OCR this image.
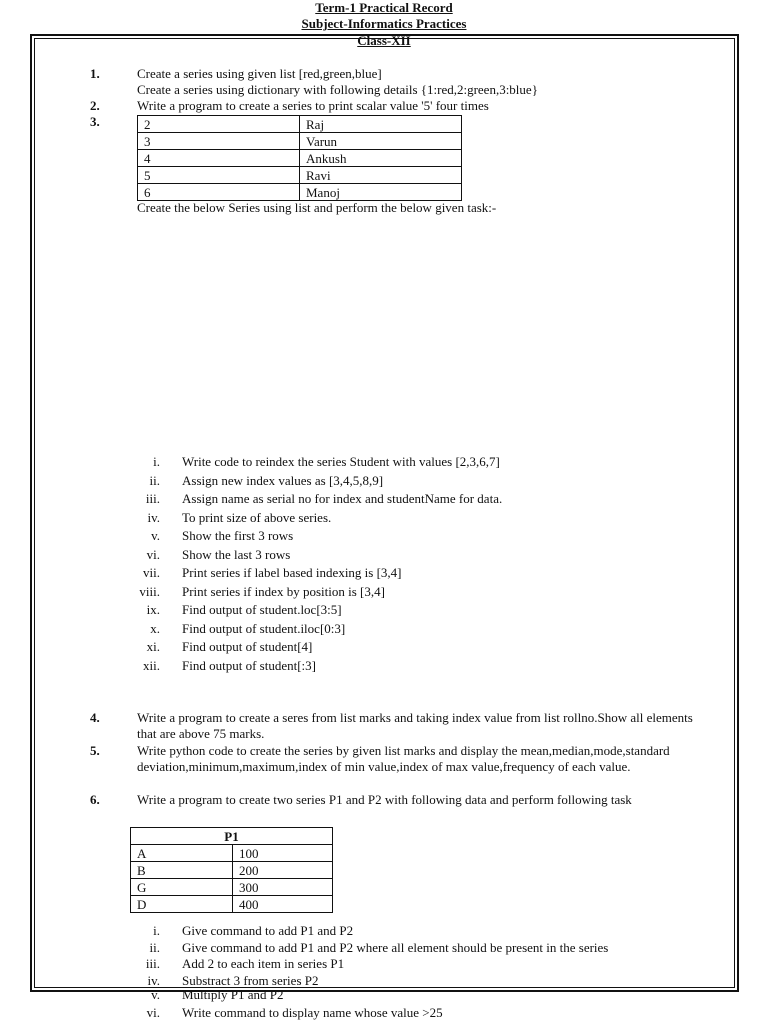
Term-1 Practical Record
Subject-Informatics Practices
Class-XII
1.	Create a series using given list [red,green,blue]
Create a series using dictionary with following details {1:red,2:green,3:blue}
2.	Write a program to create a series to print scalar value '5' four times
3.	2	Raj
3	Varun
4	Ankush
5	Ravi
6	Manoj
Create the below Series using list and perform the below given task:-
i. Write code to reindex the series Student with values [2,3,6,7]
ii. Assign new index values as [3,4,5,8,9]
iii. Assign name as serial no for index and studentName for data.
iv. To print size of above series.
v. Show the first 3 rows
vi. Show the last 3 rows
vii. Print series if label based indexing is [3,4]
viii. Print series if index by position is [3,4]
ix. Find output of student.loc[3:5]
x. Find output of student.iloc[0:3]
xi. Find output of student[4]
xii. Find output of student[:3]
4.	Write a program to create a seres from list marks and taking index value from list rollno.Show all elements that are above 75 marks.
5.	Write python code to create the series by given list marks and display the mean,median,mode,standard deviation,minimum,maximum,index of min value,index of max value,frequency of each value.
6.	Write a program to create two series P1 and P2 with following data and perform following task
P1	
A	100
B	200
G	300
D	400
i. Give command to add P1 and P2
ii. Give command to add P1 and P2 where all element should be present in the series
iii. Add 2 to each item in series P1
iv. Substract 3 from series P2
v. Multiply P1 and P2
vi. Write command to display name whose value >25
